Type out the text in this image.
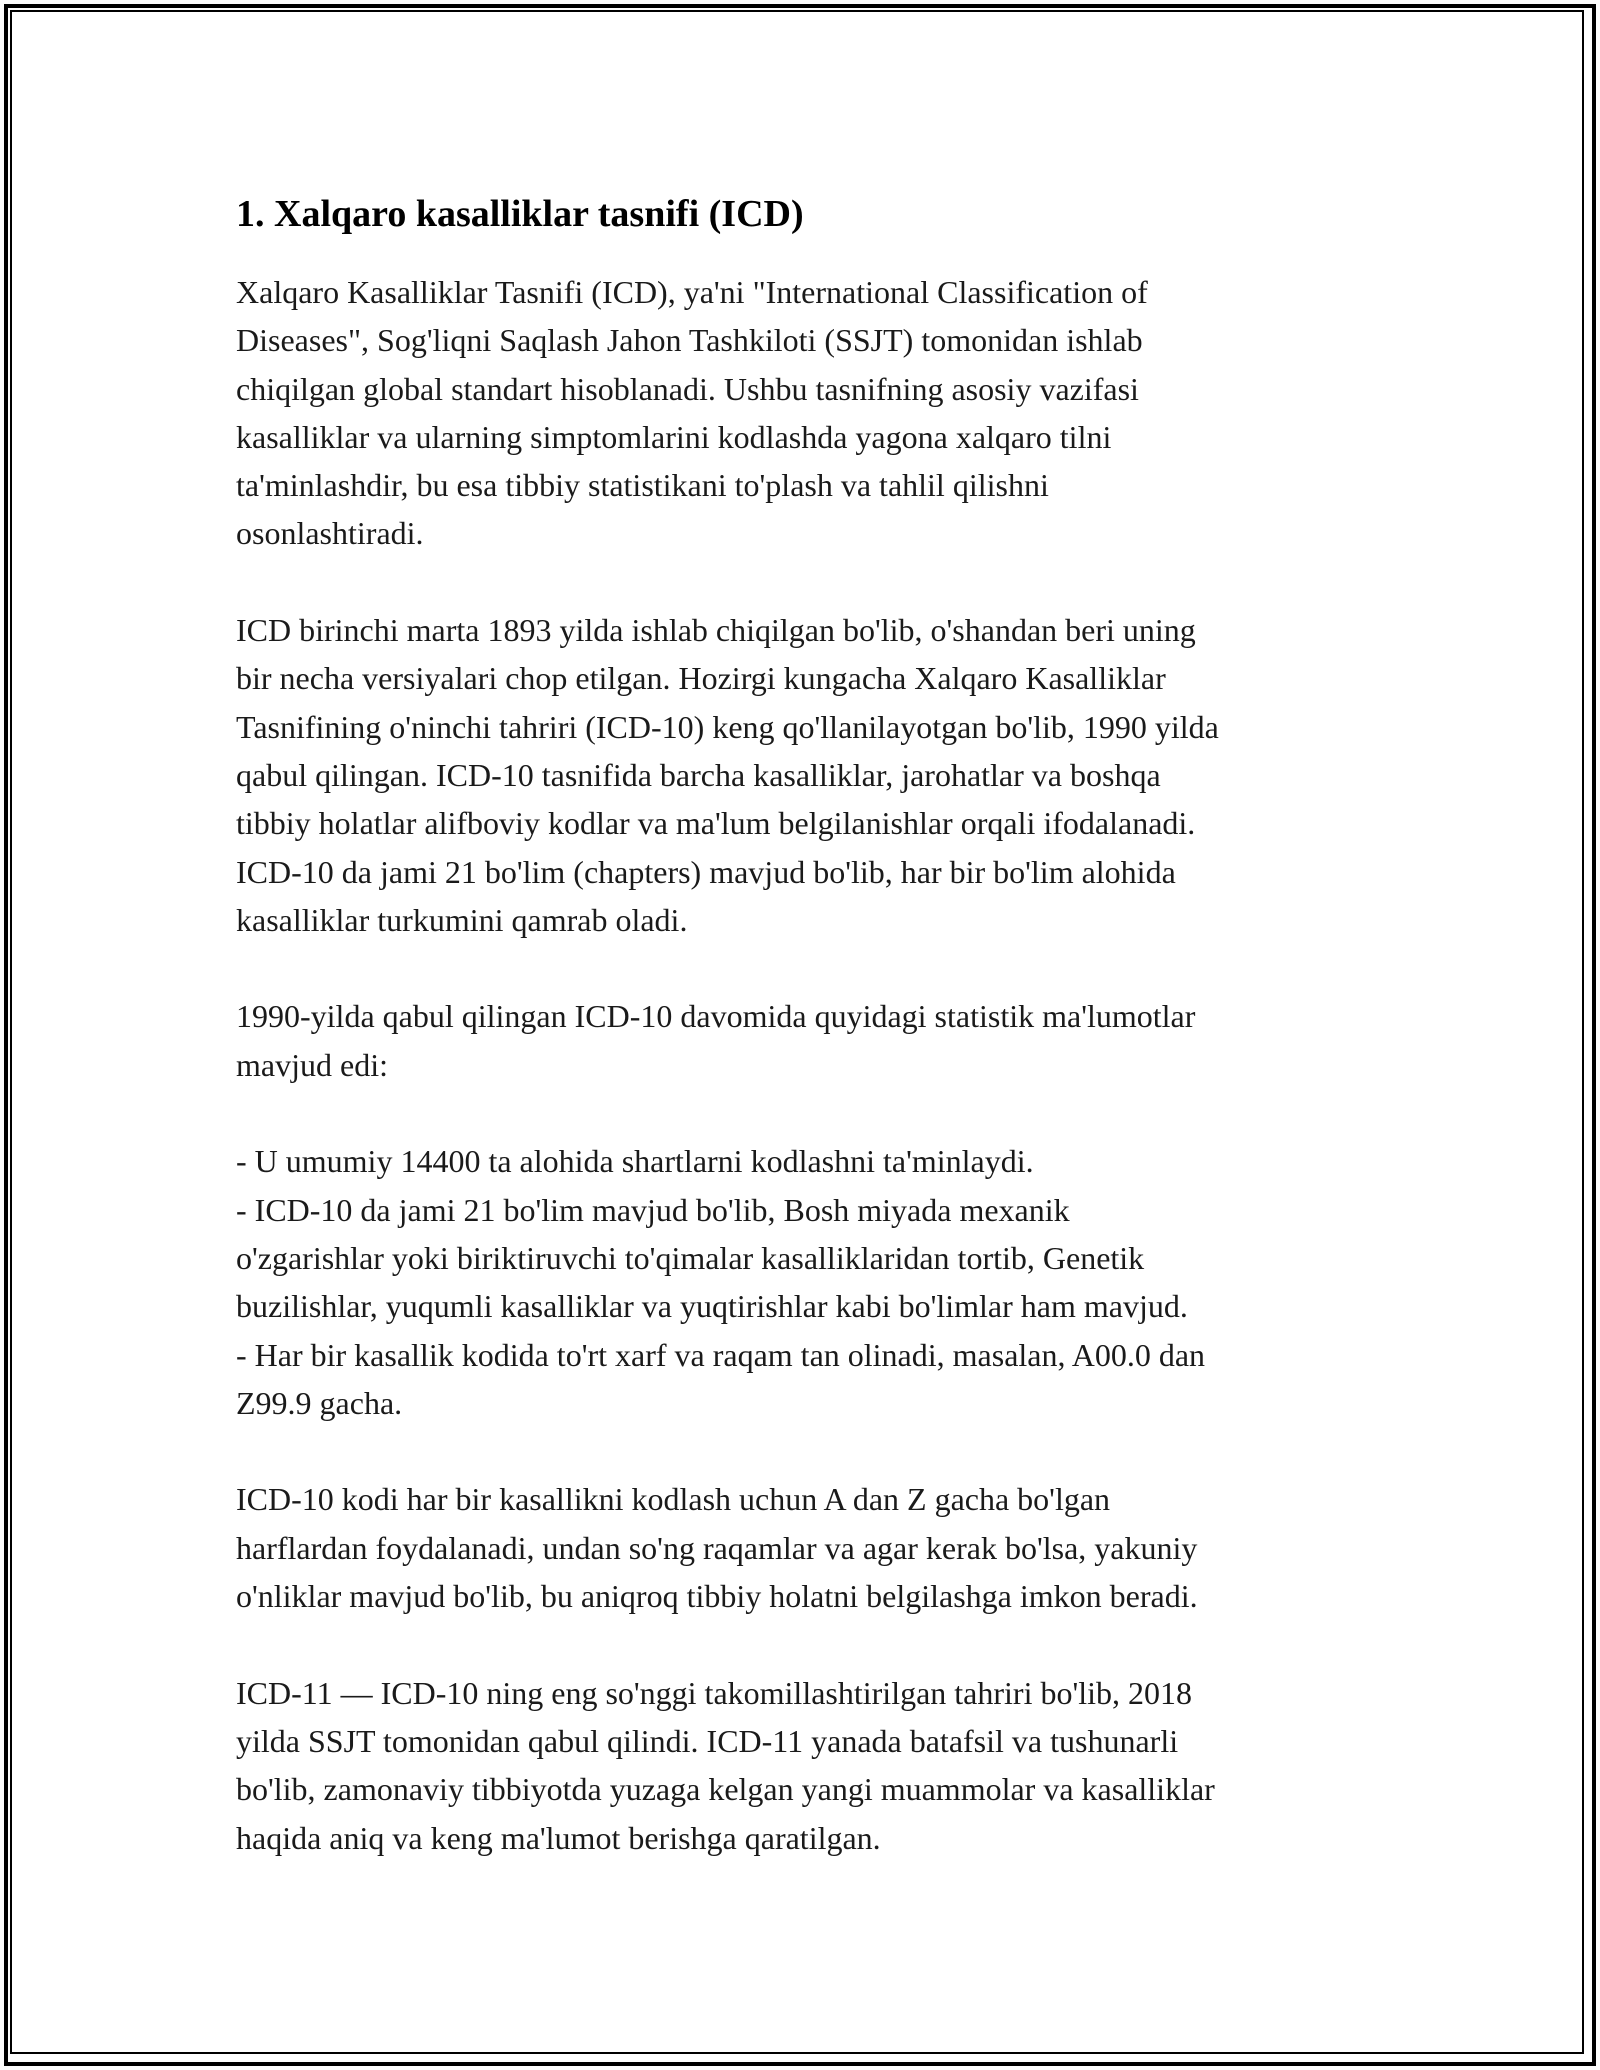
1. Xalqaro kasalliklar tasnifi (ICD)
Xalqaro Kasalliklar Tasnifi (ICD), ya'ni "International Classification of
Diseases", Sog'liqni Saqlash Jahon Tashkiloti (SSJT) tomonidan ishlab
chiqilgan global standart hisoblanadi. Ushbu tasnifning asosiy vazifasi
kasalliklar va ularning simptomlarini kodlashda yagona xalqaro tilni
ta'minlashdir, bu esa tibbiy statistikani to'plash va tahlil qilishni
osonlashtiradi.
ICD birinchi marta 1893 yilda ishlab chiqilgan bo'lib, o'shandan beri uning
bir necha versiyalari chop etilgan. Hozirgi kungacha Xalqaro Kasalliklar
Tasnifining o'ninchi tahriri (ICD-10) keng qo'llanilayotgan bo'lib, 1990 yilda
qabul qilingan. ICD-10 tasnifida barcha kasalliklar, jarohatlar va boshqa
tibbiy holatlar alifboviy kodlar va ma'lum belgilanishlar orqali ifodalanadi.
ICD-10 da jami 21 bo'lim (chapters) mavjud bo'lib, har bir bo'lim alohida
kasalliklar turkumini qamrab oladi.
1990-yilda qabul qilingan ICD-10 davomida quyidagi statistik ma'lumotlar
mavjud edi:
- U umumiy 14400 ta alohida shartlarni kodlashni ta'minlaydi.
- ICD-10 da jami 21 bo'lim mavjud bo'lib, Bosh miyada mexanik
o'zgarishlar yoki biriktiruvchi to'qimalar kasalliklaridan tortib, Genetik
buzilishlar, yuqumli kasalliklar va yuqtirishlar kabi bo'limlar ham mavjud.
- Har bir kasallik kodida to'rt xarf va raqam tan olinadi, masalan, A00.0 dan
Z99.9 gacha.
ICD-10 kodi har bir kasallikni kodlash uchun A dan Z gacha bo'lgan
harflardan foydalanadi, undan so'ng raqamlar va agar kerak bo'lsa, yakuniy
o'nliklar mavjud bo'lib, bu aniqroq tibbiy holatni belgilashga imkon beradi.
ICD-11 — ICD-10 ning eng so'nggi takomillashtirilgan tahriri bo'lib, 2018
yilda SSJT tomonidan qabul qilindi. ICD-11 yanada batafsil va tushunarli
bo'lib, zamonaviy tibbiyotda yuzaga kelgan yangi muammolar va kasalliklar
haqida aniq va keng ma'lumot berishga qaratilgan.
